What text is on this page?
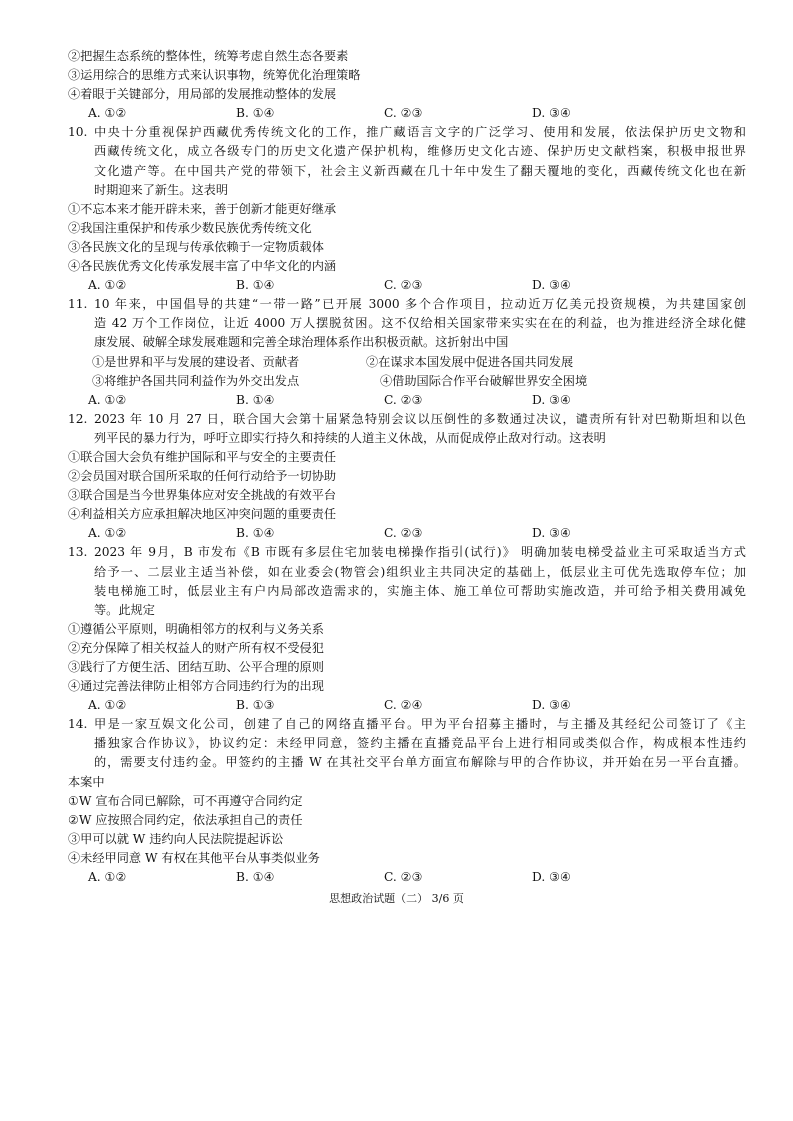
②把握生态系统的整体性，统筹考虑自然生态各要素
③运用综合的思维方式来认识事物，统筹优化治理策略
④着眼于关键部分，用局部的发展推动整体的发展
A. ①②	B. ①④	C. ②③	D. ③④
10. 中央十分重视保护西藏优秀传统文化的工作，推广藏语言文字的广泛学习、使用和发展，依法保护历史文物和
西藏传统文化，成立各级专门的历史文化遗产保护机构，维修历史文化古迹、保护历史文献档案，积极申报世界
文化遗产等。在中国共产党的带领下，社会主义新西藏在几十年中发生了翻天覆地的变化，西藏传统文化也在新
时期迎来了新生。这表明
①不忘本来才能开辟未来，善于创新才能更好继承
②我国注重保护和传承少数民族优秀传统文化
③各民族文化的呈现与传承依赖于一定物质载体
④各民族优秀文化传承发展丰富了中华文化的内涵
A. ①②	B. ①④	C. ②③	D. ③④
11. 10 年来，中国倡导的共建“一带一路”已开展 3000 多个合作项目，拉动近万亿美元投资规模，为共建国家创
造 42 万个工作岗位，让近 4000 万人摆脱贫困。这不仅给相关国家带来实实在在的利益，也为推进经济全球化健
康发展、破解全球发展难题和完善全球治理体系作出积极贡献。这折射出中国
①是世界和平与发展的建设者、贡献者	②在谋求本国发展中促进各国共同发展
③将维护各国共同利益作为外交出发点	④借助国际合作平台破解世界安全困境
A. ①②	B. ①④	C. ②③	D. ③④
12. 2023 年 10 月 27 日，联合国大会第十届紧急特别会议以压倒性的多数通过决议，谴责所有针对巴勒斯坦和以色
列平民的暴力行为，呼吁立即实行持久和持续的人道主义休战，从而促成停止敌对行动。这表明
①联合国大会负有维护国际和平与安全的主要责任
②会员国对联合国所采取的任何行动给予一切协助
③联合国是当今世界集体应对安全挑战的有效平台
④利益相关方应承担解决地区冲突问题的重要责任
A. ①②	B. ①④	C. ②③	D. ③④
13. 2023 年 9月，B 市发布《B 市既有多层住宅加装电梯操作指引(试行)》 明确加装电梯受益业主可采取适当方式
给予一、二层业主适当补偿，如在业委会(物管会)组织业主共同决定的基础上，低层业主可优先选取停车位；加
装电梯施工时，低层业主有户内局部改造需求的，实施主体、施工单位可帮助实施改造，并可给予相关费用减免
等。此规定
①遵循公平原则，明确相邻方的权利与义务关系
②充分保障了相关权益人的财产所有权不受侵犯
③践行了方便生活、团结互助、公平合理的原则
④通过完善法律防止相邻方合同违约行为的出现
A. ①②	B. ①③	C. ②④	D. ③④
14. 甲是一家互娱文化公司，创建了自己的网络直播平台。甲为平台招募主播时，与主播及其经纪公司签订了《主
播独家合作协议》，协议约定：未经甲同意，签约主播在直播竞品平台上进行相同或类似合作，构成根本性违约
的，需要支付违约金。甲签约的主播 W 在其社交平台单方面宣布解除与甲的合作协议，并开始在另一平台直播。
本案中
①W 宣布合同已解除，可不再遵守合同约定
②W 应按照合同约定，依法承担自己的责任
③甲可以就 W 违约向人民法院提起诉讼
④未经甲同意 W 有权在其他平台从事类似业务
A. ①②	B. ①④	C. ②③	D. ③④
思想政治试题（二） 3/6 页
